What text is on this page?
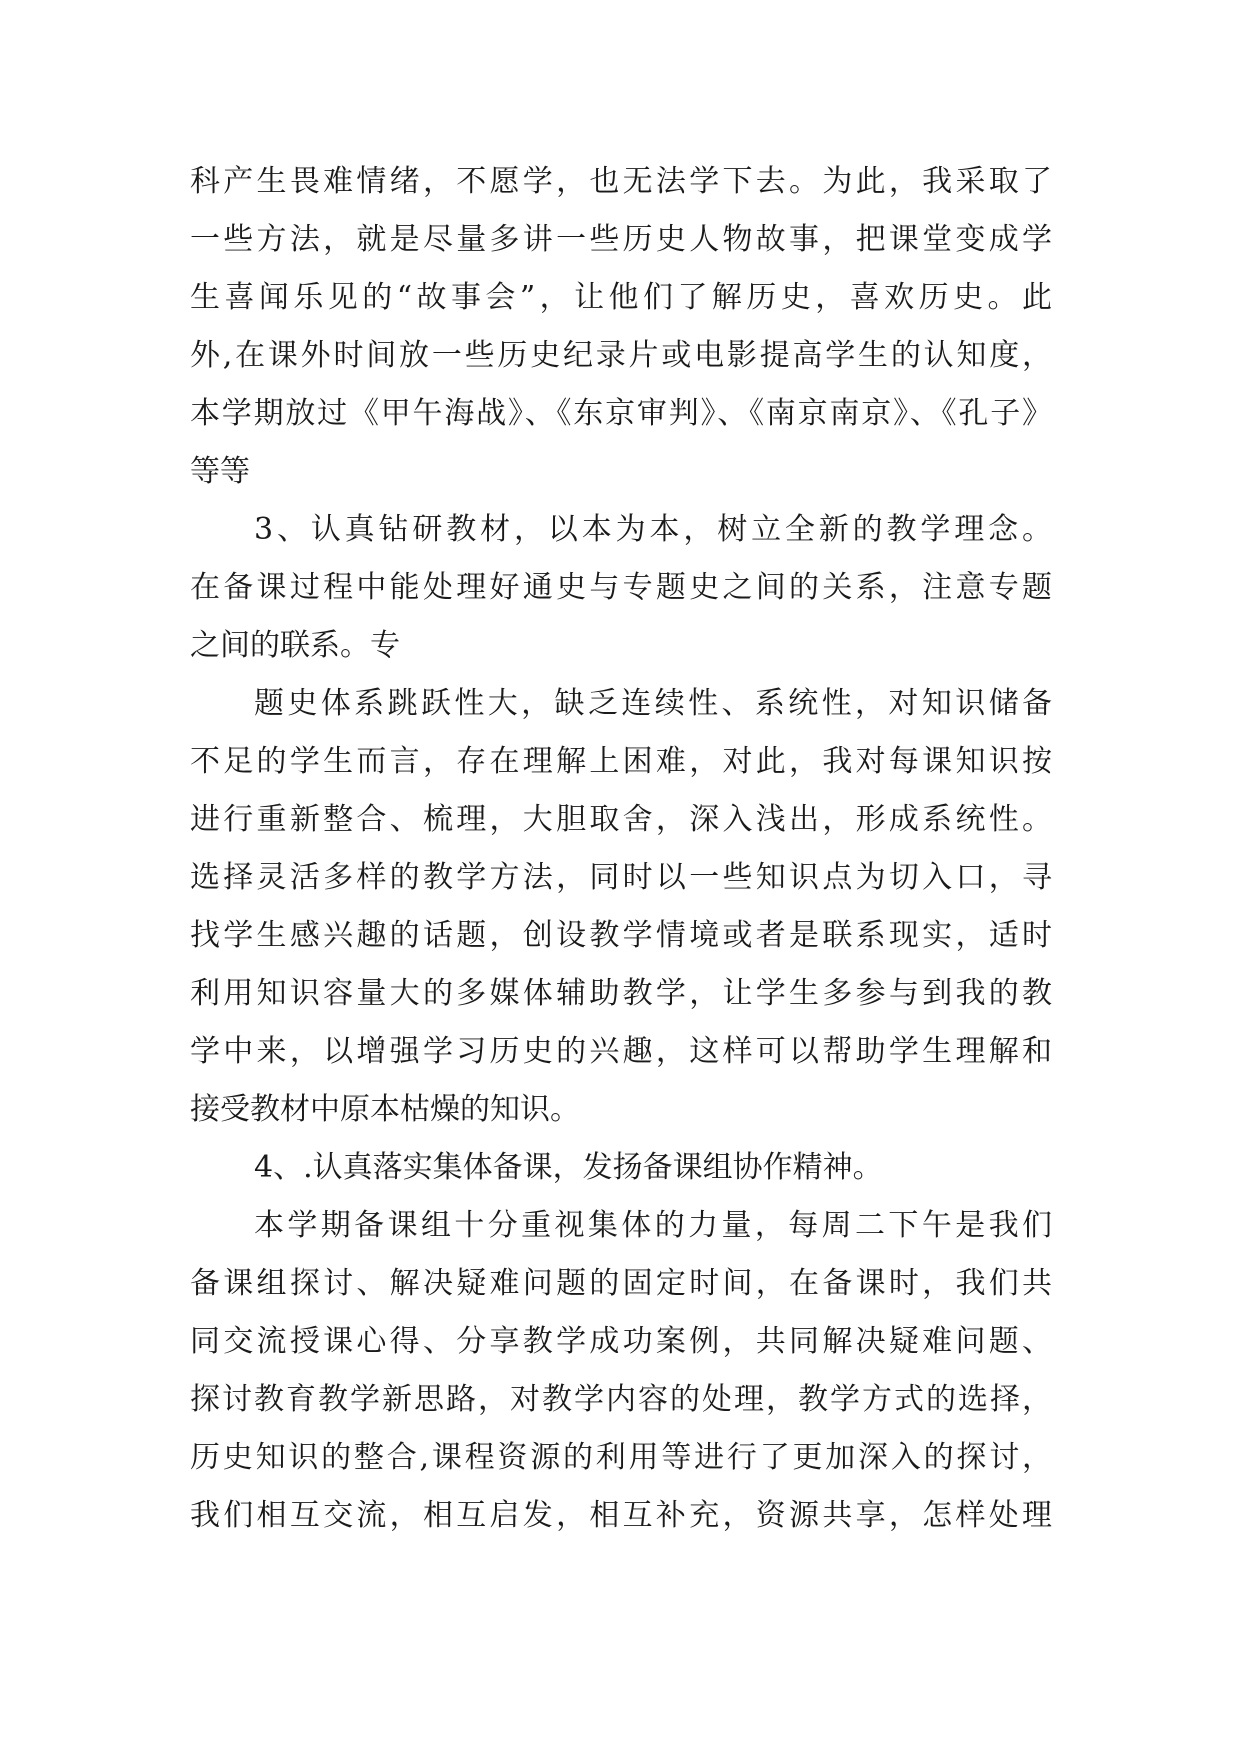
科产生畏难情绪，不愿学，也无法学下去。为此，我采取了

一些方法，就是尽量多讲一些历史人物故事，把课堂变成学

生喜闻乐见的“故事会”，让他们了解历史，喜欢历史。此

外,在课外时间放一些历史纪录片或电影提高学生的认知度，

本学期放过《甲午海战》、《东京审判》、《南京南京》、《孔子》

等等

3、认真钻研教材，以本为本，树立全新的教学理念。

在备课过程中能处理好通史与专题史之间的关系，注意专题

之间的联系。专

题史体系跳跃性大，缺乏连续性、系统性，对知识储备

不足的学生而言，存在理解上困难，对此，我对每课知识按

进行重新整合、梳理，大胆取舍，深入浅出，形成系统性。

选择灵活多样的教学方法，同时以一些知识点为切入口，寻

找学生感兴趣的话题，创设教学情境或者是联系现实，适时

利用知识容量大的多媒体辅助教学，让学生多参与到我的教

学中来，以增强学习历史的兴趣，这样可以帮助学生理解和

接受教材中原本枯燥的知识。

4、.认真落实集体备课，发扬备课组协作精神。

本学期备课组十分重视集体的力量，每周二下午是我们

备课组探讨、解决疑难问题的固定时间，在备课时，我们共

同交流授课心得、分享教学成功案例，共同解决疑难问题、

探讨教育教学新思路，对教学内容的处理，教学方式的选择，

历史知识的整合,课程资源的利用等进行了更加深入的探讨，

我们相互交流，相互启发，相互补充，资源共享，怎样处理
